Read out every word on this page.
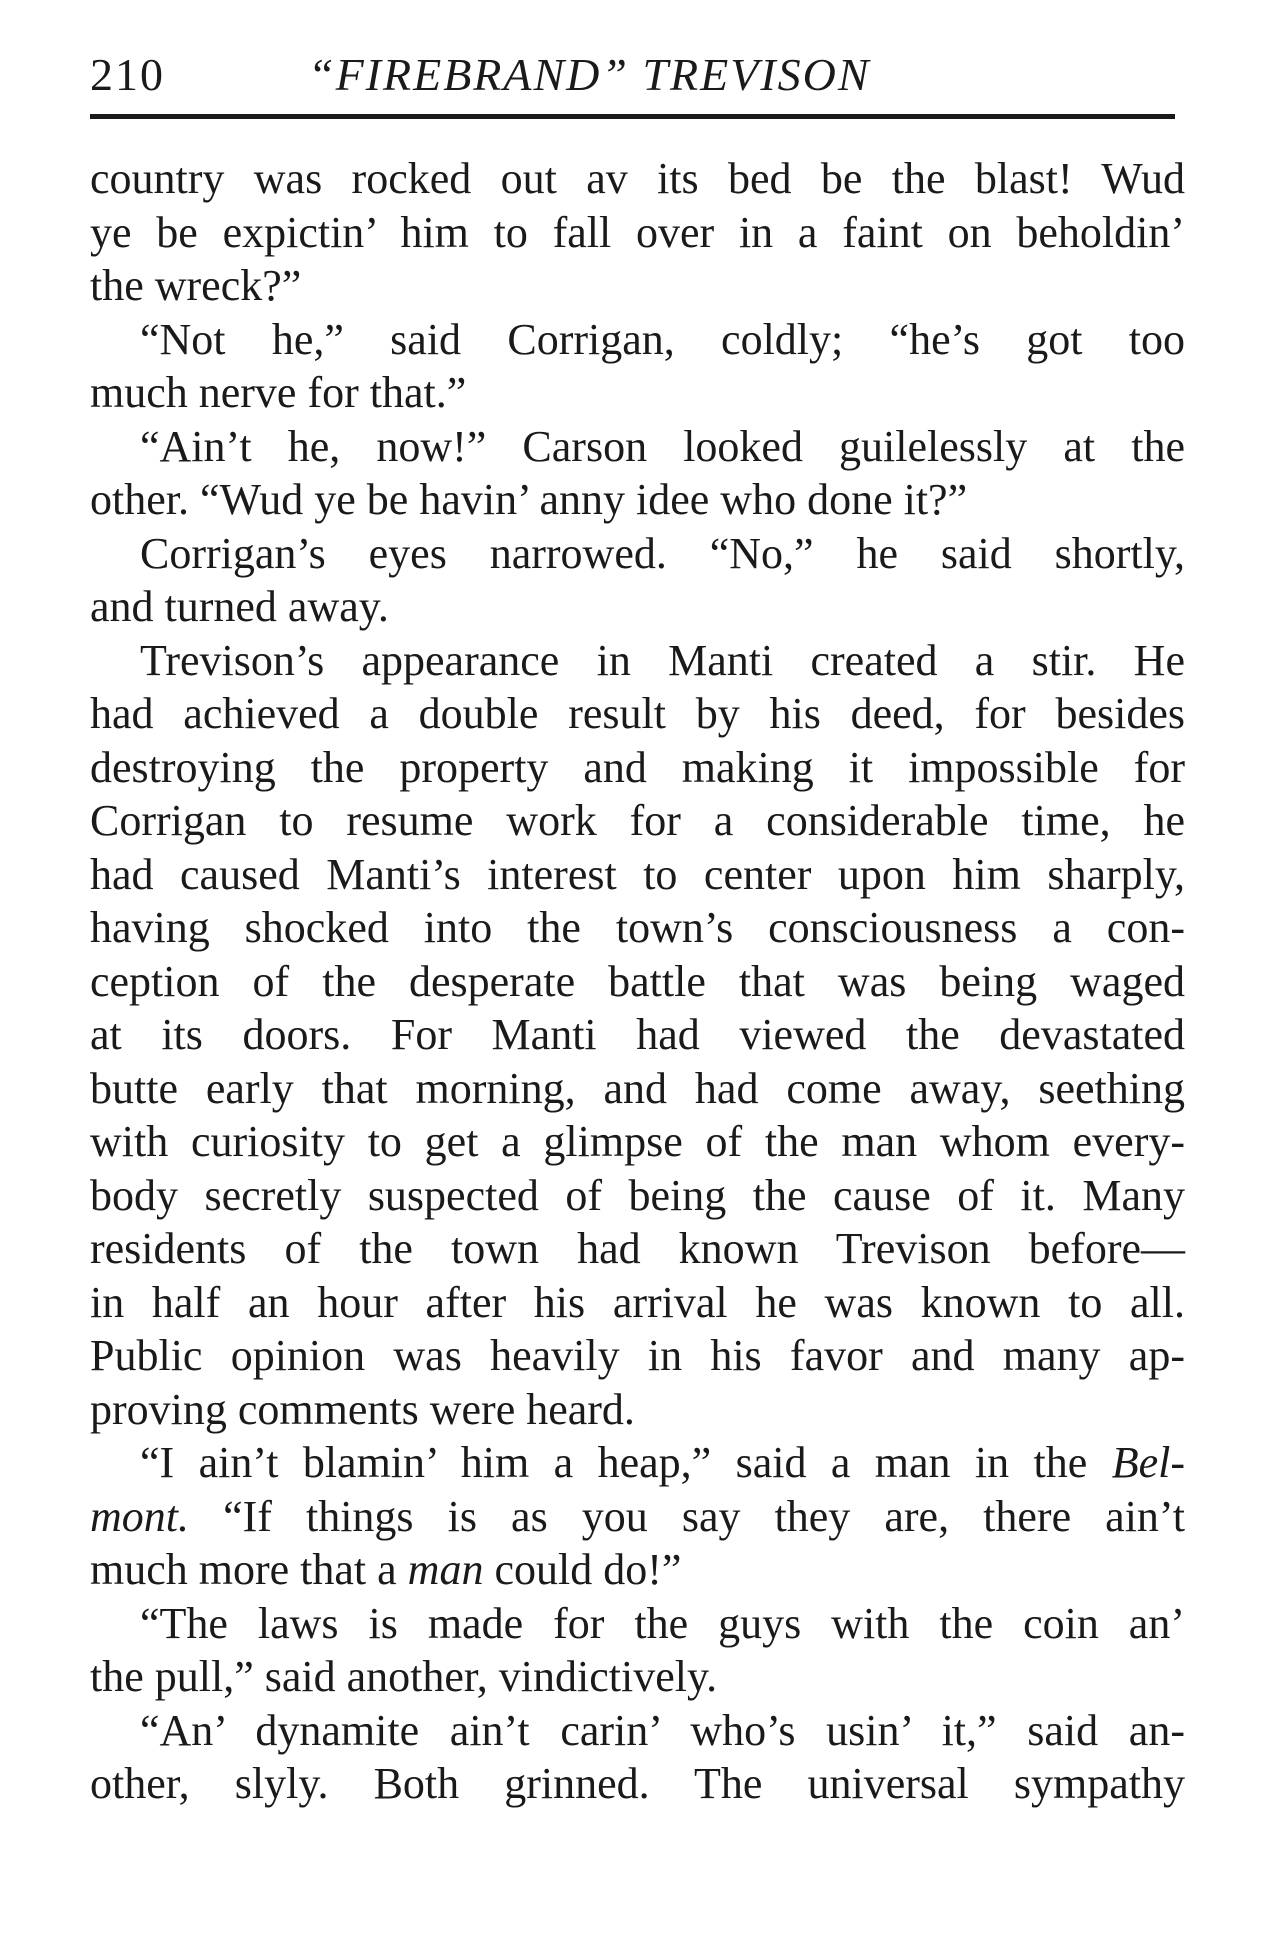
210	“FIREBRAND” TREVISON
country was rocked out av its bed be the blast! Wud
ye be expictin’ him to fall over in a faint on beholdin’
the wreck?”
“Not he,” said Corrigan, coldly; “he’s got too
much nerve for that.”
“Ain’t he, now!” Carson looked guilelessly at the
other. “Wud ye be havin’ anny idee who done it?”
Corrigan’s eyes narrowed. “No,” he said shortly,
and turned away.
Trevison’s appearance in Manti created a stir. He
had achieved a double result by his deed, for besides
destroying the property and making it impossible for
Corrigan to resume work for a considerable time, he
had caused Manti’s interest to center upon him sharply,
having shocked into the town’s consciousness a con-
ception of the desperate battle that was being waged
at its doors. For Manti had viewed the devastated
butte early that morning, and had come away, seething
with curiosity to get a glimpse of the man whom every-
body secretly suspected of being the cause of it. Many
residents of the town had known Trevison before—
in half an hour after his arrival he was known to all.
Public opinion was heavily in his favor and many ap-
proving comments were heard.
“I ain’t blamin’ him a heap,” said a man in the Bel-
mont. “If things is as you say they are, there ain’t
much more that a man could do!”
“The laws is made for the guys with the coin an’
the pull,” said another, vindictively.
“An’ dynamite ain’t carin’ who’s usin’ it,” said an-
other, slyly. Both grinned. The universal sympathy
